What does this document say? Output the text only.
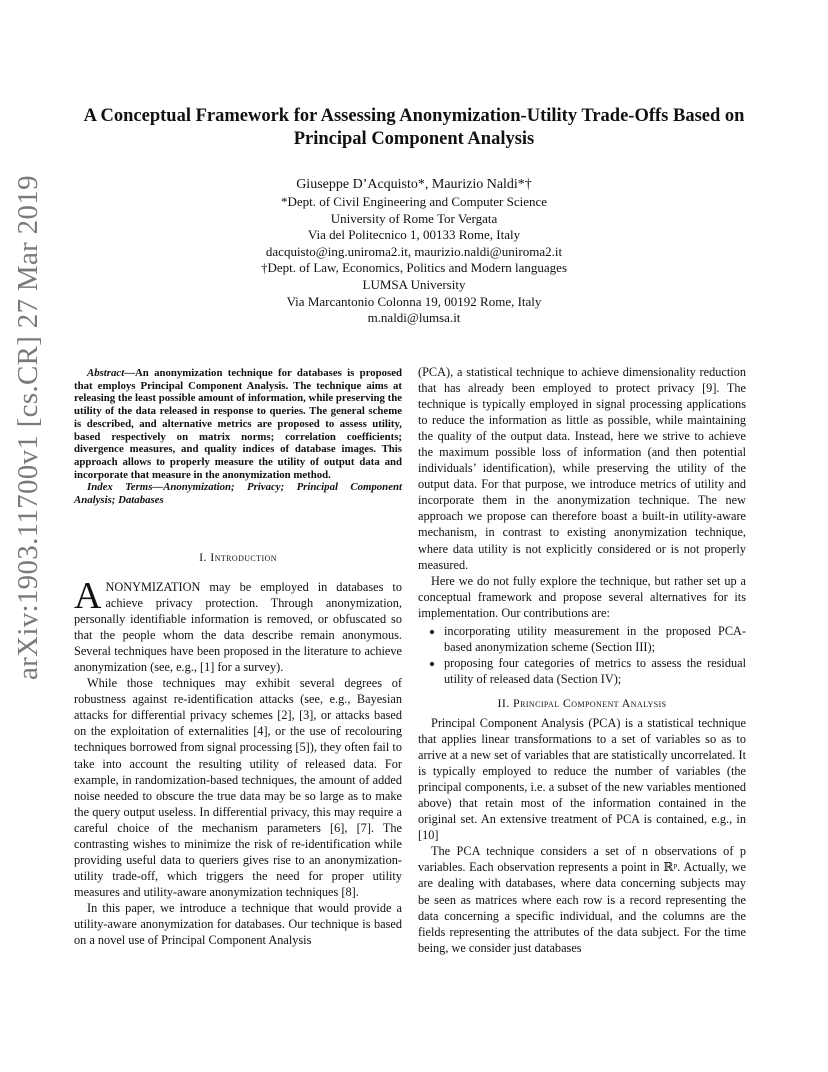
arXiv:1903.11700v1 [cs.CR] 27 Mar 2019
A Conceptual Framework for Assessing Anonymization-Utility Trade-Offs Based on Principal Component Analysis
Giuseppe D’Acquisto*, Maurizio Naldi*†
*Dept. of Civil Engineering and Computer Science
University of Rome Tor Vergata
Via del Politecnico 1, 00133 Rome, Italy
dacquisto@ing.uniroma2.it, maurizio.naldi@uniroma2.it
†Dept. of Law, Economics, Politics and Modern languages
LUMSA University
Via Marcantonio Colonna 19, 00192 Rome, Italy
m.naldi@lumsa.it
Abstract—An anonymization technique for databases is proposed that employs Principal Component Analysis. The technique aims at releasing the least possible amount of information, while preserving the utility of the data released in response to queries. The general scheme is described, and alternative metrics are proposed to assess utility, based respectively on matrix norms; correlation coefficients; divergence measures, and quality indices of database images. This approach allows to properly measure the utility of output data and incorporate that measure in the anonymization method.
Index Terms—Anonymization; Privacy; Principal Component Analysis; Databases
I. Introduction

ANONYMIZATION may be employed in databases to achieve privacy protection. Through anonymization, personally identifiable information is removed, or obfuscated so that the people whom the data describe remain anonymous. Several techniques have been proposed in the literature to achieve anonymization (see, e.g., [1] for a survey).

While those techniques may exhibit several degrees of robustness against re-identification attacks (see, e.g., Bayesian attacks for differential privacy schemes [2], [3], or attacks based on the exploitation of externalities [4], or the use of recolouring techniques borrowed from signal processing [5]), they often fail to take into account the resulting utility of released data. For example, in randomization-based techniques, the amount of added noise needed to obscure the true data may be so large as to make the query output useless. In differential privacy, this may require a careful choice of the mechanism parameters [6], [7]. The contrasting wishes to minimize the risk of re-identification while providing useful data to queriers gives rise to an anonymization-utility trade-off, which triggers the need for proper utility measures and utility-aware anonymization techniques [8].

In this paper, we introduce a technique that would provide a utility-aware anonymization for databases. Our technique is based on a novel use of Principal Component Analysis

(PCA), a statistical technique to achieve dimensionality reduction that has already been employed to protect privacy [9]. The technique is typically employed in signal processing applications to reduce the information as little as possible, while maintaining the quality of the output data. Instead, here we strive to achieve the maximum possible loss of information (and then potential individuals’ identification), while preserving the utility of the output data. For that purpose, we introduce metrics of utility and incorporate them in the anonymization technique. The new approach we propose can therefore boast a built-in utility-aware mechanism, in contrast to existing anonymization technique, where data utility is not explicitly considered or is not properly measured.

Here we do not fully explore the technique, but rather set up a conceptual framework and propose several alternatives for its implementation. Our contributions are:

• incorporating utility measurement in the proposed PCA-based anonymization scheme (Section III);
• proposing four categories of metrics to assess the residual utility of released data (Section IV);
II. Principal Component Analysis

Principal Component Analysis (PCA) is a statistical technique that applies linear transformations to a set of variables so as to arrive at a new set of variables that are statistically uncorrelated. It is typically employed to reduce the number of variables (the principal components, i.e. a subset of the new variables mentioned above) that retain most of the information contained in the original set. An extensive treatment of PCA is contained, e.g., in [10]

The PCA technique considers a set of n observations of p variables. Each observation represents a point in ℝᵖ. Actually, we are dealing with databases, where data concerning subjects may be seen as matrices where each row is a record representing the data concerning a specific individual, and the columns are the fields representing the attributes of the data subject. For the time being, we consider just databases
